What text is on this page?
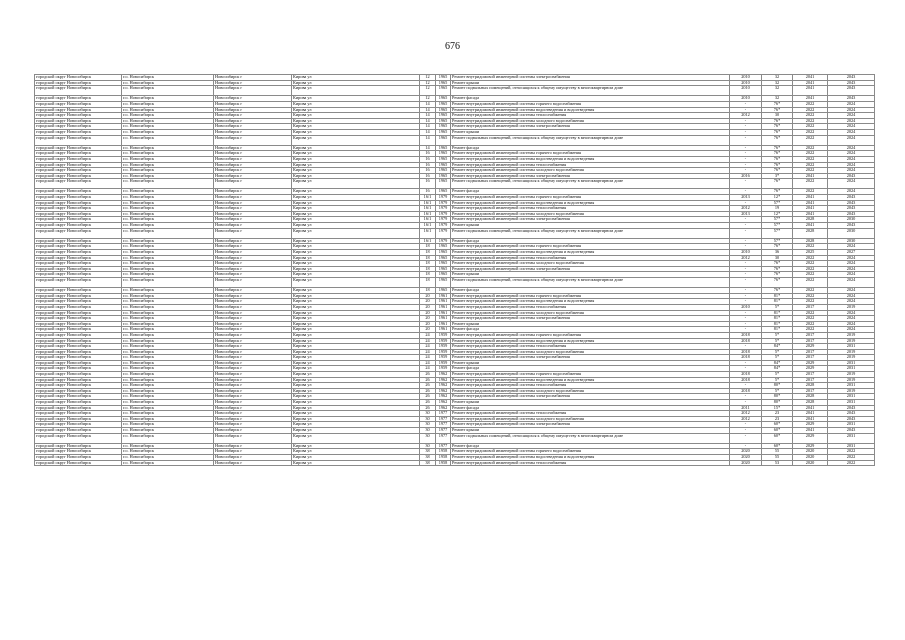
676
городской округ Новосибирск	г.о. Новосибирск	Новосибирск г	Кирова ул	12	1965	Ремонт внутридомовой инженерной системы электроснабжения	2010	32	2041	2043
городской округ Новосибирск	г.о. Новосибирск	Новосибирск г	Кирова ул	12	1965	Ремонт крыши	2010	32	2041	2043
городской округ Новосибирск	г.о. Новосибирск	Новосибирск г	Кирова ул	12	1965	Ремонт подвальных помещений, относящихся к общему имуществу в многоквартирном доме	2010	32	2041	2043
городской округ Новосибирск	г.о. Новосибирск	Новосибирск г	Кирова ул	12	1965	Ремонт фасада	2010	32	2041	2043
городской округ Новосибирск	г.о. Новосибирск	Новосибирск г	Кирова ул	14	1965	Ремонт внутридомовой инженерной системы горячего водоснабжения	-	76*	2022	2024
городской округ Новосибирск	г.о. Новосибирск	Новосибирск г	Кирова ул	14	1965	Ремонт внутридомовой инженерной системы водоотведения и водоотведения	-	76*	2022	2024
городской округ Новосибирск	г.о. Новосибирск	Новосибирск г	Кирова ул	14	1965	Ремонт внутридомовой инженерной системы теплоснабжения	2012	30	2022	2024
городской округ Новосибирск	г.о. Новосибирск	Новосибирск г	Кирова ул	14	1965	Ремонт внутридомовой инженерной системы холодного водоснабжения	-	76*	2022	2024
городской округ Новосибирск	г.о. Новосибирск	Новосибирск г	Кирова ул	14	1965	Ремонт внутридомовой инженерной системы электроснабжения	-	76*	2022	2024
городской округ Новосибирск	г.о. Новосибирск	Новосибирск г	Кирова ул	14	1965	Ремонт крыши	-	76*	2022	2024
городской округ Новосибирск	г.о. Новосибирск	Новосибирск г	Кирова ул	14	1965	Ремонт подвальных помещений, относящихся к общему имуществу в многоквартирном доме	-	76*	2022	2024
городской округ Новосибирск	г.о. Новосибирск	Новосибирск г	Кирова ул	14	1965	Ремонт фасада	-	76*	2022	2024
городской округ Новосибирск	г.о. Новосибирск	Новосибирск г	Кирова ул	16	1965	Ремонт внутридомовой инженерной системы горячего водоснабжения	-	76*	2022	2024
городской округ Новосибирск	г.о. Новосибирск	Новосибирск г	Кирова ул	16	1965	Ремонт внутридомовой инженерной системы водоотведения и водоотведения	-	76*	2022	2024
городской округ Новосибирск	г.о. Новосибирск	Новосибирск г	Кирова ул	16	1965	Ремонт внутридомовой инженерной системы теплоснабжения	-	76*	2022	2024
городской округ Новосибирск	г.о. Новосибирск	Новосибирск г	Кирова ул	16	1965	Ремонт внутридомовой инженерной системы холодного водоснабжения	-	76*	2022	2024
городской округ Новосибирск	г.о. Новосибирск	Новосибирск г	Кирова ул	16	1965	Ремонт внутридомовой инженерной системы электроснабжения	2016	3*	2041	2043
городской округ Новосибирск	г.о. Новосибирск	Новосибирск г	Кирова ул	16	1965	Ремонт подвальных помещений, относящихся к общему имуществу в многоквартирном доме	-	76*	2022	2024
городской округ Новосибирск	г.о. Новосибирск	Новосибирск г	Кирова ул	16	1965	Ремонт фасада	-	76*	2022	2024
городской округ Новосибирск	г.о. Новосибирск	Новосибирск г	Кирова ул	16/1	1979	Ремонт внутридомовой инженерной системы горячего водоснабжения	2013	12*	2041	2043
городской округ Новосибирск	г.о. Новосибирск	Новосибирск г	Кирова ул	16/1	1979	Ремонт внутридомовой инженерной системы водоотведения и водоотведения	-	57*	2041	2043
городской округ Новосибирск	г.о. Новосибирск	Новосибирск г	Кирова ул	16/1	1979	Ремонт внутридомовой инженерной системы теплоснабжения	2012	19	2041	2043
городской округ Новосибирск	г.о. Новосибирск	Новосибирск г	Кирова ул	16/1	1979	Ремонт внутридомовой инженерной системы холодного водоснабжения	2013	12*	2041	2043
городской округ Новосибирск	г.о. Новосибирск	Новосибирск г	Кирова ул	16/1	1979	Ремонт внутридомовой инженерной системы электроснабжения	-	57*	2028	2030
городской округ Новосибирск	г.о. Новосибирск	Новосибирск г	Кирова ул	16/1	1979	Ремонт крыши	-	57*	2041	2043
городской округ Новосибирск	г.о. Новосибирск	Новосибирск г	Кирова ул	16/1	1979	Ремонт подвальных помещений, относящихся к общему имуществу в многоквартирном доме	-	57*	2028	2030
городской округ Новосибирск	г.о. Новосибирск	Новосибирск г	Кирова ул	16/1	1979	Ремонт фасада	-	57*	2028	2030
городской округ Новосибирск	г.о. Новосибирск	Новосибирск г	Кирова ул	18	1965	Ремонт внутридомовой инженерной системы горячего водоснабжения	-	76*	2022	2024
городской округ Новосибирск	г.о. Новосибирск	Новосибирск г	Кирова ул	18	1965	Ремонт внутридомовой инженерной системы водоотведения и водоотведения	2010	36	2025	2027
городской округ Новосибирск	г.о. Новосибирск	Новосибирск г	Кирова ул	18	1965	Ремонт внутридомовой инженерной системы теплоснабжения	2012	30	2022	2024
городской округ Новосибирск	г.о. Новосибирск	Новосибирск г	Кирова ул	18	1965	Ремонт внутридомовой инженерной системы холодного водоснабжения	-	76*	2022	2024
городской округ Новосибирск	г.о. Новосибирск	Новосибирск г	Кирова ул	18	1965	Ремонт внутридомовой инженерной системы электроснабжения	-	76*	2022	2024
городской округ Новосибирск	г.о. Новосибирск	Новосибирск г	Кирова ул	18	1965	Ремонт крыши	-	76*	2022	2024
городской округ Новосибирск	г.о. Новосибирск	Новосибирск г	Кирова ул	18	1965	Ремонт подвальных помещений, относящихся к общему имуществу в многоквартирном доме	-	76*	2022	2024
городской округ Новосибирск	г.о. Новосибирск	Новосибирск г	Кирова ул	18	1965	Ремонт фасада	-	76*	2022	2024
городской округ Новосибирск	г.о. Новосибирск	Новосибирск г	Кирова ул	20	1961	Ремонт внутридомовой инженерной системы горячего водоснабжения	-	81*	2022	2024
городской округ Новосибирск	г.о. Новосибирск	Новосибирск г	Кирова ул	20	1961	Ремонт внутридомовой инженерной системы водоотведения и водоотведения	-	81*	2022	2024
городской округ Новосибирск	г.о. Новосибирск	Новосибирск г	Кирова ул	20	1961	Ремонт внутридомовой инженерной системы теплоснабжения	2010	5*	2017	2019
городской округ Новосибирск	г.о. Новосибирск	Новосибирск г	Кирова ул	20	1961	Ремонт внутридомовой инженерной системы холодного водоснабжения	-	81*	2022	2024
городской округ Новосибирск	г.о. Новосибирск	Новосибирск г	Кирова ул	20	1961	Ремонт внутридомовой инженерной системы электроснабжения	-	81*	2022	2024
городской округ Новосибирск	г.о. Новосибирск	Новосибирск г	Кирова ул	20	1961	Ремонт крыши	-	81*	2022	2024
городской округ Новосибирск	г.о. Новосибирск	Новосибирск г	Кирова ул	20	1961	Ремонт фасада	-	81*	2022	2024
городской округ Новосибирск	г.о. Новосибирск	Новосибирск г	Кирова ул	24	1959	Ремонт внутридомовой инженерной системы горячего водоснабжения	2018	5*	2017	2019
городской округ Новосибирск	г.о. Новосибирск	Новосибирск г	Кирова ул	24	1959	Ремонт внутридомовой инженерной системы водоотведения и водоотведения	2018	5*	2017	2019
городской округ Новосибирск	г.о. Новосибирск	Новосибирск г	Кирова ул	24	1959	Ремонт внутридомовой инженерной системы теплоснабжения	-	84*	2029	2031
городской округ Новосибирск	г.о. Новосибирск	Новосибирск г	Кирова ул	24	1959	Ремонт внутридомовой инженерной системы холодного водоснабжения	2018	5*	2017	2019
городской округ Новосибирск	г.о. Новосибирск	Новосибирск г	Кирова ул	24	1959	Ремонт внутридомовой инженерной системы электроснабжения	2018	5*	2017	2019
городской округ Новосибирск	г.о. Новосибирск	Новосибирск г	Кирова ул	24	1959	Ремонт крыши	-	84*	2029	2031
городской округ Новосибирск	г.о. Новосибирск	Новосибирск г	Кирова ул	24	1959	Ремонт фасада	-	84*	2029	2031
городской округ Новосибирск	г.о. Новосибирск	Новосибирск г	Кирова ул	26	1962	Ремонт внутридомовой инженерной системы горячего водоснабжения	2018	5*	2017	2019
городской округ Новосибирск	г.о. Новосибирск	Новосибирск г	Кирова ул	26	1962	Ремонт внутридомовой инженерной системы водоотведения и водоотведения	2018	5*	2017	2019
городской округ Новосибирск	г.о. Новосибирск	Новосибирск г	Кирова ул	26	1962	Ремонт внутридомовой инженерной системы теплоснабжения	-	80*	2028	2031
городской округ Новосибирск	г.о. Новосибирск	Новосибирск г	Кирова ул	26	1962	Ремонт внутридомовой инженерной системы холодного водоснабжения	2018	5*	2017	2019
городской округ Новосибирск	г.о. Новосибирск	Новосибирск г	Кирова ул	26	1962	Ремонт внутридомовой инженерной системы электроснабжения	-	80*	2028	2031
городской округ Новосибирск	г.о. Новосибирск	Новосибирск г	Кирова ул	26	1962	Ремонт крыши	-	80*	2028	2031
городской округ Новосибирск	г.о. Новосибирск	Новосибирск г	Кирова ул	26	1962	Ремонт фасада	2011	15*	2041	2043
городской округ Новосибирск	г.о. Новосибирск	Новосибирск г	Кирова ул	30	1977	Ремонт внутридомовой инженерной системы теплоснабжения	2012	23	2041	2043
городской округ Новосибирск	г.о. Новосибирск	Новосибирск г	Кирова ул	30	1977	Ремонт внутридомовой инженерной системы холодного водоснабжения	2012	23	2041	2043
городской округ Новосибирск	г.о. Новосибирск	Новосибирск г	Кирова ул	30	1977	Ремонт внутридомовой инженерной системы электроснабжения	-	60*	2029	2031
городской округ Новосибирск	г.о. Новосибирск	Новосибирск г	Кирова ул	30	1977	Ремонт крыши	-	60*	2041	2043
городской округ Новосибирск	г.о. Новосибирск	Новосибирск г	Кирова ул	30	1977	Ремонт подвальных помещений, относящихся к общему имуществу в многоквартирном доме	-	60*	2029	2031
городской округ Новосибирск	г.о. Новосибирск	Новосибирск г	Кирова ул	30	1977	Ремонт фасада	-	60*	2029	2031
городской округ Новосибирск	г.о. Новосибирск	Новосибирск г	Кирова ул	38	1958	Ремонт внутридомовой инженерной системы горячего водоснабжения	2020	55	2020	2022
городской округ Новосибирск	г.о. Новосибирск	Новосибирск г	Кирова ул	38	1958	Ремонт внутридомовой инженерной системы водоотведения и водоотведения	2020	55	2020	2022
городской округ Новосибирск	г.о. Новосибирск	Новосибирск г	Кирова ул	38	1958	Ремонт внутридомовой инженерной системы теплоснабжения	2020	53	2020	2022
